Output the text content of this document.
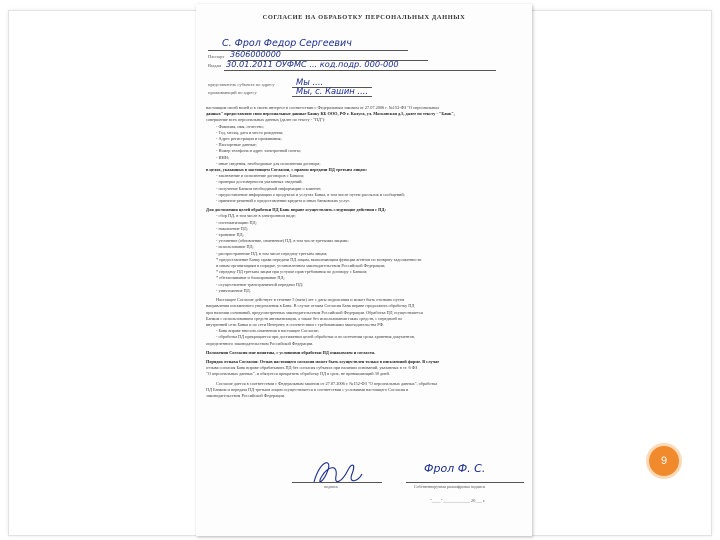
СОГЛАСИЕ НА ОБРАБОТКУ ПЕРСОНАЛЬНЫХ ДАННЫХ
С. Фрол Федор Сергеевич
Паспорт 3606000000
Выдан 30.01.2011 ОУФМС ... код.подр. 000-000
представитель субъекта по адресу	Мы ....
проживающий по адресу	Мы, с. Кашин ....
настоящим своей волей и в своем интересе в соответствии с Федеральным законом от 27.07.2006 г. №152-ФЗ "О персональных
данных" предоставляю свои персональные данные Банку КБ ООО, РФ г. Калуга, ул. Московская д.5, далее по тексту - "Банк",
совершение всех персональных данных (далее по тексту - "ПД"):
- Фамилия, имя, отчество;
- Год, месяц, дата и место рождения;
- Адрес регистрации и проживания;
- Паспортные данные;
- Номер телефона и адрес электронной почты;
- ИНН;
- иные сведения, необходимые для исполнения договора;
в целях, указанных в настоящем Согласии, с правом передачи ПД третьим лицам:
- заключение и исполнение договоров с Банком;
- проверка достоверности указанных сведений;
- получение Банком необходимой информации о клиенте;
- предоставление информации о продуктах и услугах Банка, в том числе путем рассылок и сообщений;
- принятие решений о предоставлении кредита и иных банковских услуг.
Для достижения целей обработки ПД Банк вправе осуществлять следующие действия с ПД:
- сбор ПД, в том числе в электронном виде;
- систематизацию ПД;
- накопление ПД;
- хранение ПД;
- уточнение (обновление, изменение) ПД, в том числе третьими лицами;
- использование ПД;
- распространение ПД, в том числе передачу третьим лицам;
* предоставление Банку права передачи ПД лицам, выполняющим функции агентов по возврату задолженности
и иным организациям в порядке, установленном законодательством Российской Федерации;
* передачу ПД третьим лицам при уступке прав требования по договору с Банком;
* обезличивание и блокирование ПД;
- осуществление трансграничной передачи ПД;
- уничтожение ПД.
Настоящее Согласие действует в течение 5 (пяти) лет с даты подписания и может быть отозвано путем
направления письменного уведомления в Банк. В случае отзыва Согласия Банк вправе продолжить обработку ПД
при наличии оснований, предусмотренных законодательством Российской Федерации. Обработка ПД осуществляется
Банком с использованием средств автоматизации, а также без использования таких средств, с передачей по
внутренней сети Банка и по сети Интернет, в соответствии с требованиями законодательства РФ.
- Банк вправе вносить изменения в настоящее Согласие;
- обработка ПД прекращается при достижении целей обработки и по истечении срока хранения документов,
определенного законодательством Российской Федерации.
Положения Согласия мне понятны, с условиями обработки ПД ознакомлен и согласен.
Порядок отзыва Согласия: Отзыв настоящего согласия может быть осуществлен только в письменной форме. В случае
отзыва согласия Банк вправе обрабатывать ПД без согласия субъекта при наличии оснований, указанных в ст. 6 ФЗ
"О персональных данных", и обязуется прекратить обработку ПД в срок, не превышающий 30 дней.
Согласие дается в соответствии с Федеральным законом от 27.07.2006 г. №152-ФЗ "О персональных данных", обработка
ПД Банком и передача ПД третьим лицам осуществляется в соответствии с условиями настоящего Согласия и
законодательством Российской Федерации.
Фрол Ф. С.
подпись	Собственноручная расшифровка подписи
"____" ____________ 20___ г.
9
